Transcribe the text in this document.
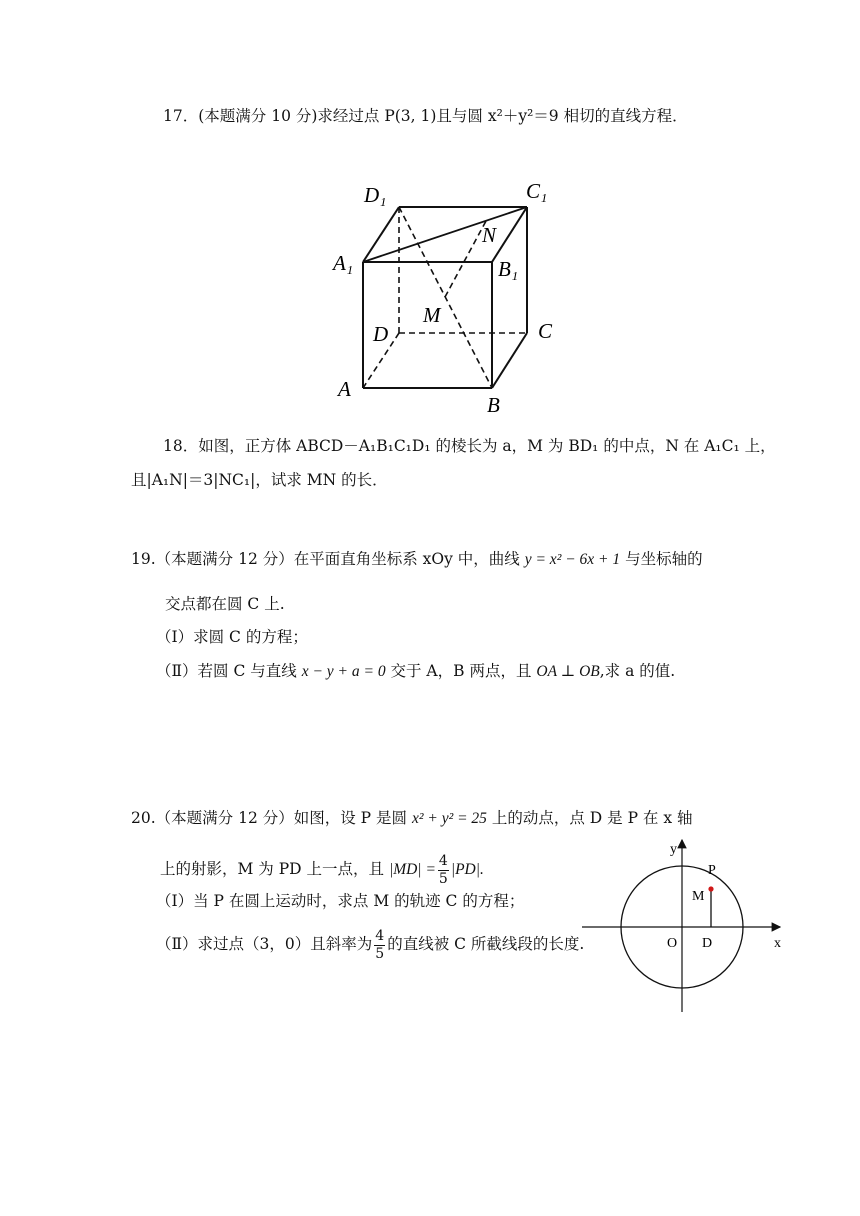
17．(本题满分 10 分)求经过点 P(3, 1)且与圆 x²＋y²＝9 相切的直线方程．
D₁	C₁
A₁	B₁
N
M
D	C
A
B
18．如图，正方体 ABCD－A₁B₁C₁D₁ 的棱长为 a，M 为 BD₁ 的中点，N 在 A₁C₁ 上，
且|A₁N|＝3|NC₁|，试求 MN 的长．
19.（本题满分 12 分）在平面直角坐标系 xOy 中，曲线 y = x² − 6x + 1 与坐标轴的
交点都在圆 C 上.
（Ⅰ）求圆 C 的方程；
（Ⅱ）若圆 C 与直线 x − y + a = 0 交于 A，B 两点，且 OA ⊥ OB,求 a 的值.
20.（本题满分 12 分）如图，设 P 是圆 x² + y² = 25 上的动点，点 D 是 P 在 x 轴
上的射影，M 为 PD 上一点，且 $|MD| = \frac{4}{5} |PD|$.
（Ⅰ）当 P 在圆上运动时，求点 M 的轨迹 C 的方程；
（Ⅱ）求过点（3，0）且斜率为 $\frac{4}{5}$ 的直线被 C 所截线段的长度.
y
x
O D
P
M
